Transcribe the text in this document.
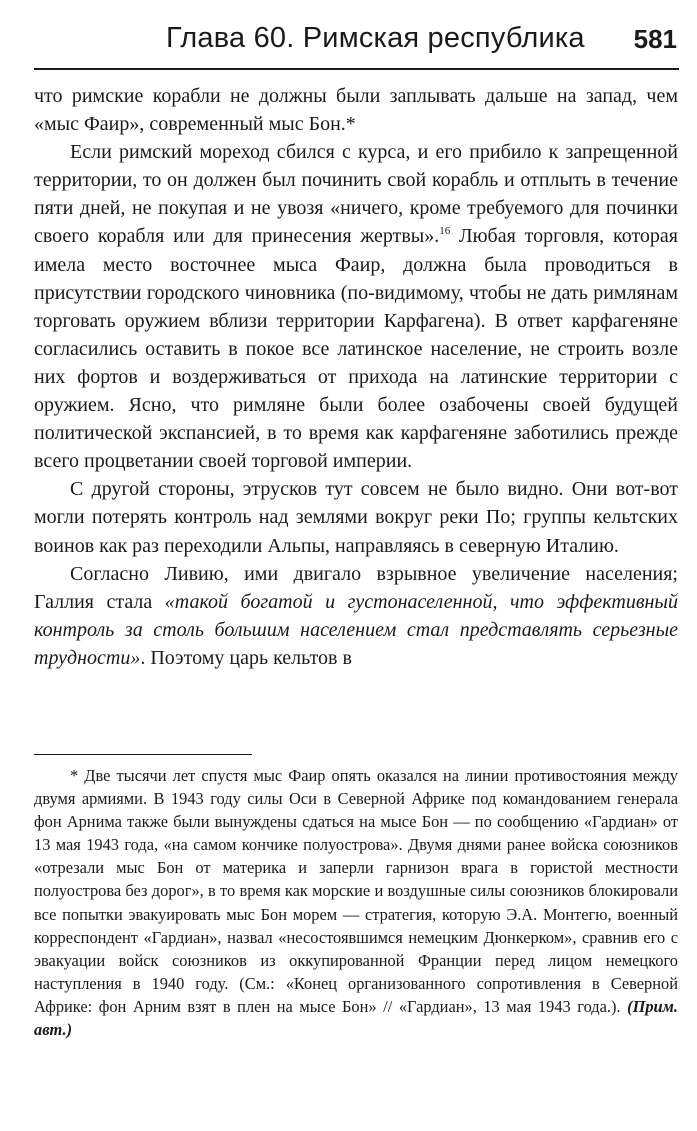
Глава 60. Римская республика 581

что римские корабли не должны были заплывать дальше на запад, чем «мыс Фаир», современный мыс Бон.*

Если римский мореход сбился с курса, и его прибило к запрещенной территории, то он должен был починить свой корабль и отплыть в течение пяти дней, не покупая и не увозя «ничего, кроме требуемого для починки своего корабля или для принесения жертвы».$^{16}$ Любая торговля, которая имела место восточнее мыса Фаир, должна была проводиться в присутствии городского чиновника (по-видимому, чтобы не дать римлянам торговать оружием вблизи территории Карфагена). В ответ карфагеняне согласились оставить в покое все латинское население, не строить возле них фортов и воздерживаться от прихода на латинские территории с оружием. Ясно, что римляне были более озабочены своей будущей политической экспансией, в то время как карфагеняне заботились прежде всего процветании своей торговой империи.

С другой стороны, этрусков тут совсем не было видно. Они вот-вот могли потерять контроль над землями вокруг реки По; группы кельтских воинов как раз переходили Альпы, направляясь в северную Италию.

Согласно Ливию, ими двигало взрывное увеличение населения; Галлия стала «такой богатой и густонаселенной, что эффективный контроль за столь большим населением стал представлять серьезные трудности». Поэтому царь кельтов в

* Две тысячи лет спустя мыс Фаир опять оказался на линии противостояния между двумя армиями. В 1943 году силы Оси в Северной Африке под командованием генерала фон Арнима также были вынуждены сдаться на мысе Бон — по сообщению «Гардиан» от 13 мая 1943 года, «на самом кончике полуострова». Двумя днями ранее войска союзников «отрезали мыс Бон от материка и заперли гарнизон врага в гористой местности полуострова без дорог», в то время как морские и воздушные силы союзников блокировали все попытки эвакуировать мыс Бон морем — стратегия, которую Э.А. Монтегю, военный корреспондент «Гардиан», назвал «несостоявшимся немецким Дюнкерком», сравнив его с эвакуации войск союзников из оккупированной Франции перед лицом немецкого наступления в 1940 году. (См.: «Конец организованного сопротивления в Северной Африке: фон Арним взят в плен на мысе Бон» // «Гардиан», 13 мая 1943 года.). (Прим. авт.)
